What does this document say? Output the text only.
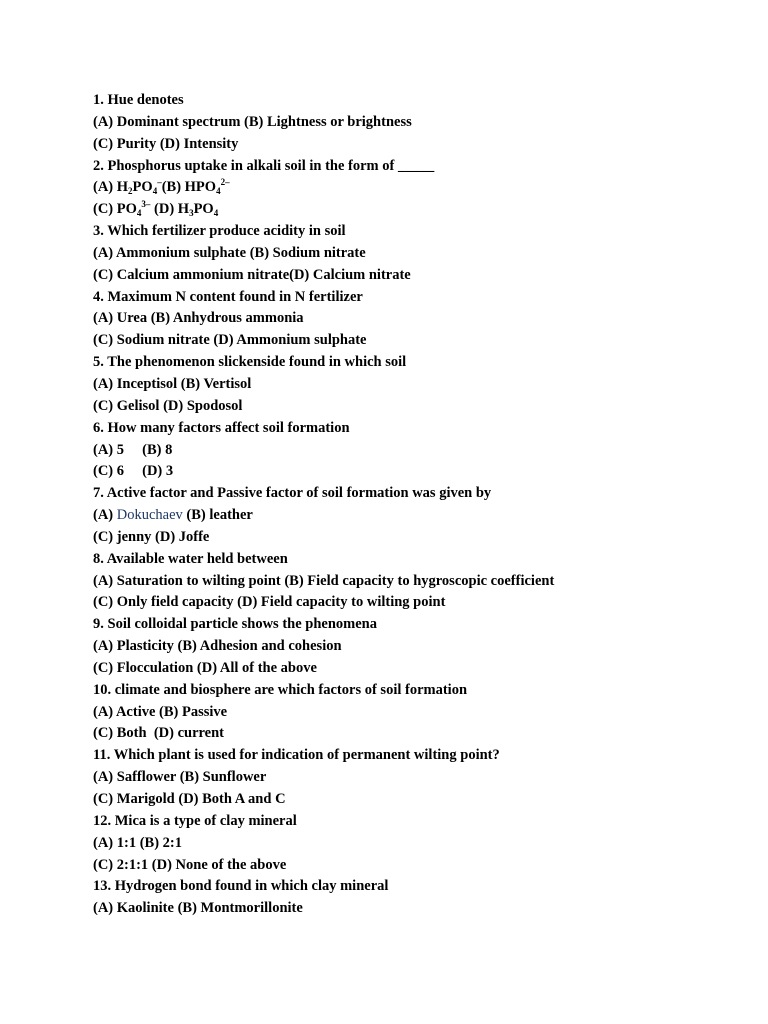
1. Hue denotes
(A) Dominant spectrum (B) Lightness or brightness
(C) Purity (D) Intensity
2. Phosphorus uptake in alkali soil in the form of _____
(A) $H_2PO_4^-(B)$ $HPO_4^{2-}$
(C) $PO_4^{3-}$ (D) $H_3PO_4$
3. Which fertilizer produce acidity in soil
(A) Ammonium sulphate (B) Sodium nitrate
(C) Calcium ammonium nitrate(D) Calcium nitrate
4. Maximum N content found in N fertilizer
(A) Urea (B) Anhydrous ammonia
(C) Sodium nitrate (D) Ammonium sulphate
5. The phenomenon slickenside found in which soil
(A) Inceptisol (B) Vertisol
(C) Gelisol (D) Spodosol
6. How many factors affect soil formation
(A) 5     (B) 8
(C) 6     (D) 3
7. Active factor and Passive factor of soil formation was given by
(A) Dokuchaev (B) leather
(C) jenny (D) Joffe
8. Available water held between
(A) Saturation to wilting point (B) Field capacity to hygroscopic coefficient
(C) Only field capacity (D) Field capacity to wilting point
9. Soil colloidal particle shows the phenomena
(A) Plasticity (B) Adhesion and cohesion
(C) Flocculation (D) All of the above
10. climate and biosphere are which factors of soil formation
(A) Active (B) Passive
(C) Both  (D) current
11. Which plant is used for indication of permanent wilting point?
(A) Safflower (B) Sunflower
(C) Marigold (D) Both A and C
12. Mica is a type of clay mineral
(A) 1:1 (B) 2:1
(C) 2:1:1 (D) None of the above
13. Hydrogen bond found in which clay mineral
(A) Kaolinite (B) Montmorillonite
